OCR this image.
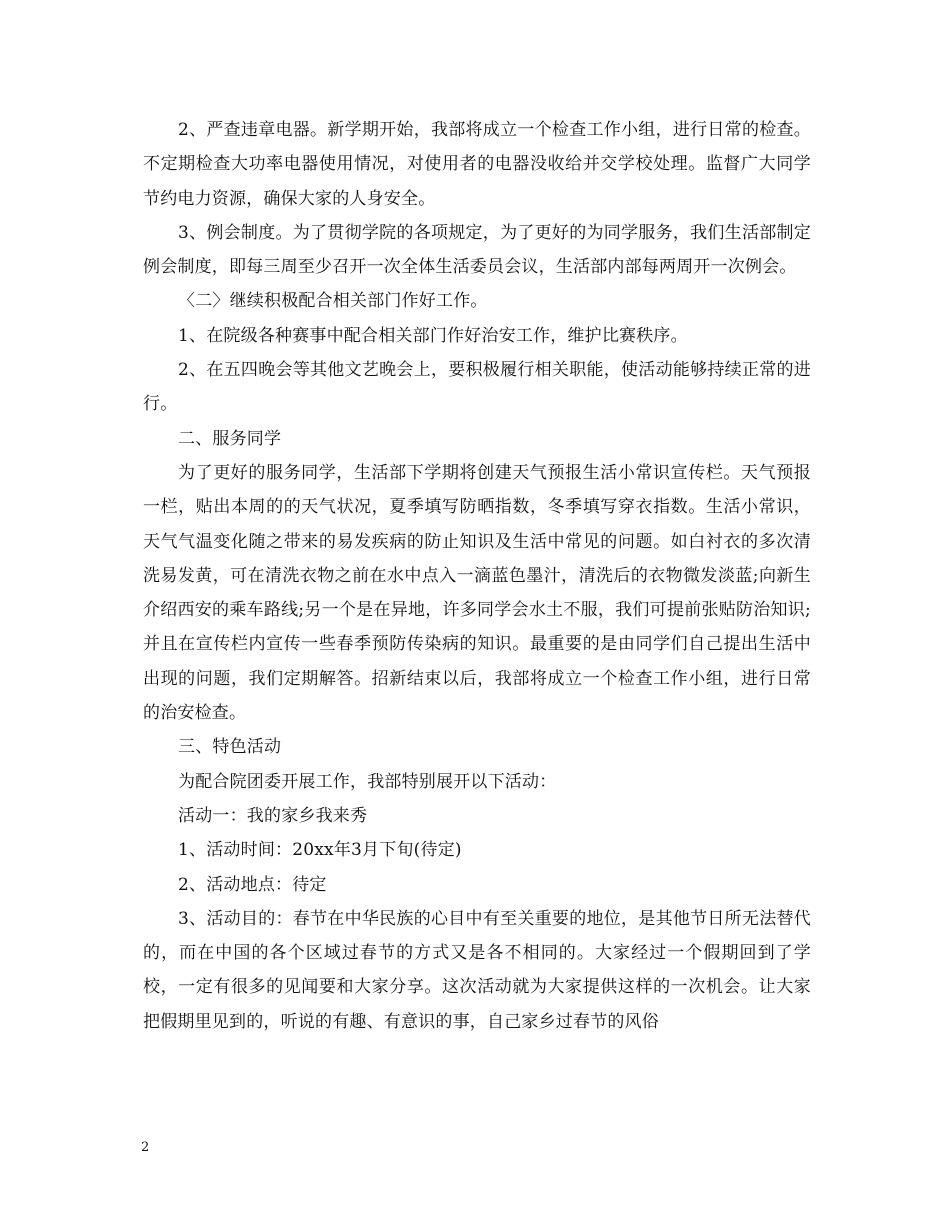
2、严查违章电器。新学期开始，我部将成立一个检查工作小组，进行日常的检查。不定期检查大功率电器使用情况，对使用者的电器没收给并交学校处理。监督广大同学节约电力资源，确保大家的人身安全。

3、例会制度。为了贯彻学院的各项规定，为了更好的为同学服务，我们生活部制定例会制度，即每三周至少召开一次全体生活委员会议，生活部内部每两周开一次例会。

〈二〉继续积极配合相关部门作好工作。

1、在院级各种赛事中配合相关部门作好治安工作，维护比赛秩序。

2、在五四晚会等其他文艺晚会上，要积极履行相关职能，使活动能够持续正常的进行。

二、服务同学

为了更好的服务同学，生活部下学期将创建天气预报生活小常识宣传栏。天气预报一栏，贴出本周的的天气状况，夏季填写防晒指数，冬季填写穿衣指数。生活小常识，天气气温变化随之带来的易发疾病的防止知识及生活中常见的问题。如白衬衣的多次清洗易发黄，可在清洗衣物之前在水中点入一滴蓝色墨汁，清洗后的衣物微发淡蓝;向新生介绍西安的乘车路线;另一个是在异地，许多同学会水土不服，我们可提前张贴防治知识;并且在宣传栏内宣传一些春季预防传染病的知识。最重要的是由同学们自己提出生活中出现的问题，我们定期解答。招新结束以后，我部将成立一个检查工作小组，进行日常的治安检查。

三、特色活动

为配合院团委开展工作，我部特别展开以下活动：

活动一：我的家乡我来秀

1、活动时间：20xx年3月下旬(待定)

2、活动地点：待定

3、活动目的：春节在中华民族的心目中有至关重要的地位，是其他节日所无法替代的，而在中国的各个区域过春节的方式又是各不相同的。大家经过一个假期回到了学校，一定有很多的见闻要和大家分享。这次活动就为大家提供这样的一次机会。让大家把假期里见到的，听说的有趣、有意识的事，自己家乡过春节的风俗

2
